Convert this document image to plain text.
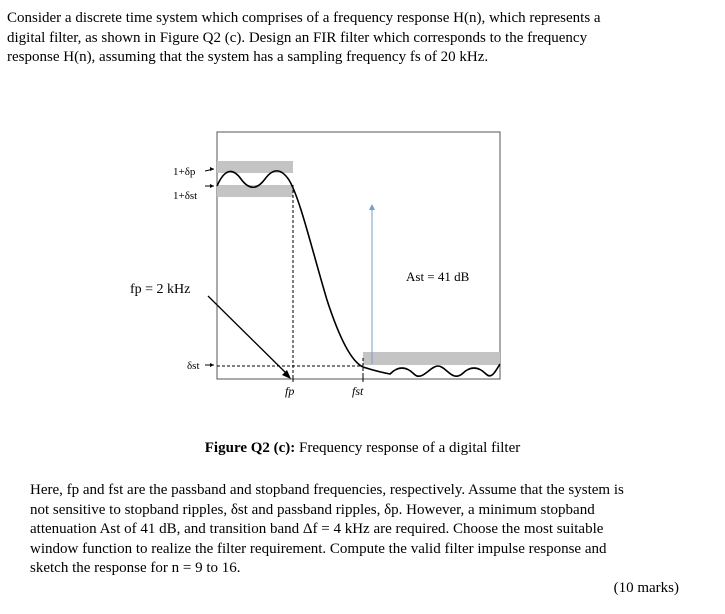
Consider a discrete time system which comprises of a frequency response H(n), which represents a
digital filter, as shown in Figure Q2 (c). Design an FIR filter which corresponds to the frequency
response H(n), assuming that the system has a sampling frequency fs of 20 kHz.
1+δp
1+δst
fp = 2 kHz
δst
Ast = 41 dB
fp	fst
Figure Q2 (c): Frequency response of a digital filter
Here, fp and fst are the passband and stopband frequencies, respectively. Assume that the system is
not sensitive to stopband ripples, δst and passband ripples, δp. However, a minimum stopband
attenuation Ast of 41 dB, and transition band Δf = 4 kHz are required. Choose the most suitable
window function to realize the filter requirement. Compute the valid filter impulse response and
sketch the response for n = 9 to 16.
(10 marks)
